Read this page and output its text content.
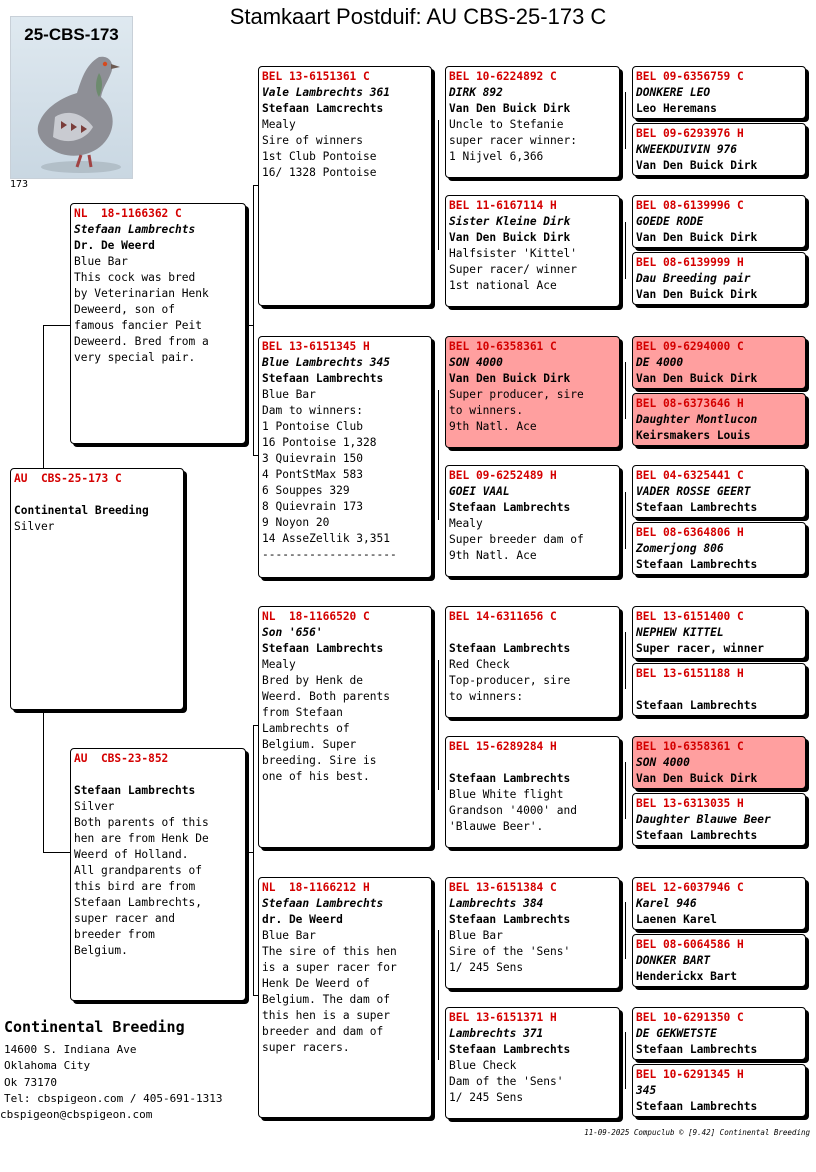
Stamkaart Postduif: AU CBS-25-173 C
25-CBS-173
173
AU  CBS-25-173 C

Continental Breeding
Silver
NL  18-1166362 C
Stefaan Lambrechts
Dr. De Weerd
Blue Bar
This cock was bred
by Veterinarian Henk
Deweerd, son of
famous fancier Peit
Deweerd. Bred from a
very special pair.
AU  CBS-23-852

Stefaan Lambrechts
Silver
Both parents of this
hen are from Henk De
Weerd of Holland.
All grandparents of
this bird are from
Stefaan Lambrechts,
super racer and
breeder from
Belgium.
BEL 13-6151361 C
Vale Lambrechts 361
Stefaan Lamcrechts
Mealy
Sire of winners
1st Club Pontoise
16/ 1328 Pontoise
BEL 13-6151345 H
Blue Lambrechts 345
Stefaan Lambrechts
Blue Bar
Dam to winners:
1 Pontoise Club
16 Pontoise 1,328
3 Quievrain 150
4 PontStMax 583
6 Souppes 329
8 Quievrain 173
9 Noyon 20
14 AsseZellik 3,351
--------------------
NL  18-1166520 C
Son '656'
Stefaan Lambrechts
Mealy
Bred by Henk de
Weerd. Both parents
from Stefaan
Lambrechts of
Belgium. Super
breeding. Sire is
one of his best.
NL  18-1166212 H
Stefaan Lambrechts
dr. De Weerd
Blue Bar
The sire of this hen
is a super racer for
Henk De Weerd of
Belgium. The dam of
this hen is a super
breeder and dam of
super racers.
BEL 10-6224892 C
DIRK 892
Van Den Buick Dirk
Uncle to Stefanie
super racer winner:
1 Nijvel 6,366
BEL 11-6167114 H
Sister Kleine Dirk
Van Den Buick Dirk
Halfsister 'Kittel'
Super racer/ winner
1st national Ace
BEL 10-6358361 C
SON 4000
Van Den Buick Dirk
Super producer, sire
to winners.
9th Natl. Ace
BEL 09-6252489 H
GOEI VAAL
Stefaan Lambrechts
Mealy
Super breeder dam of
9th Natl. Ace
BEL 14-6311656 C

Stefaan Lambrechts
Red Check
Top-producer, sire
to winners:
BEL 15-6289284 H

Stefaan Lambrechts
Blue White flight
Grandson '4000' and
'Blauwe Beer'.
BEL 13-6151384 C
Lambrechts 384
Stefaan Lambrechts
Blue Bar
Sire of the 'Sens'
1/ 245 Sens
BEL 13-6151371 H
Lambrechts 371
Stefaan Lambrechts
Blue Check
Dam of the 'Sens'
1/ 245 Sens
BEL 09-6356759 C
DONKERE LEO
Leo Heremans
BEL 09-6293976 H
KWEEKDUIVIN 976
Van Den Buick Dirk
BEL 08-6139996 C
GOEDE RODE
Van Den Buick Dirk
BEL 08-6139999 H
Dau Breeding pair
Van Den Buick Dirk
BEL 09-6294000 C
DE 4000
Van Den Buick Dirk
BEL 08-6373646 H
Daughter Montlucon
Keirsmakers Louis
BEL 04-6325441 C
VADER ROSSE GEERT
Stefaan Lambrechts
BEL 08-6364806 H
Zomerjong 806
Stefaan Lambrechts
BEL 13-6151400 C
NEPHEW KITTEL
Super racer, winner
BEL 13-6151188 H

Stefaan Lambrechts
BEL 10-6358361 C
SON 4000
Van Den Buick Dirk
BEL 13-6313035 H
Daughter Blauwe Beer
Stefaan Lambrechts
BEL 12-6037946 C
Karel 946
Laenen Karel
BEL 08-6064586 H
DONKER BART
Henderickx Bart
BEL 10-6291350 C
DE GEKWETSTE
Stefaan Lambrechts
BEL 10-6291345 H
345
Stefaan Lambrechts
Continental Breeding
14600 S. Indiana Ave
Oklahoma City
Ok 73170
Tel: cbspigeon.com / 405-691-1313
cbspigeon@cbspigeon.com
11-09-2025 Compuclub © [9.42] Continental Breeding
